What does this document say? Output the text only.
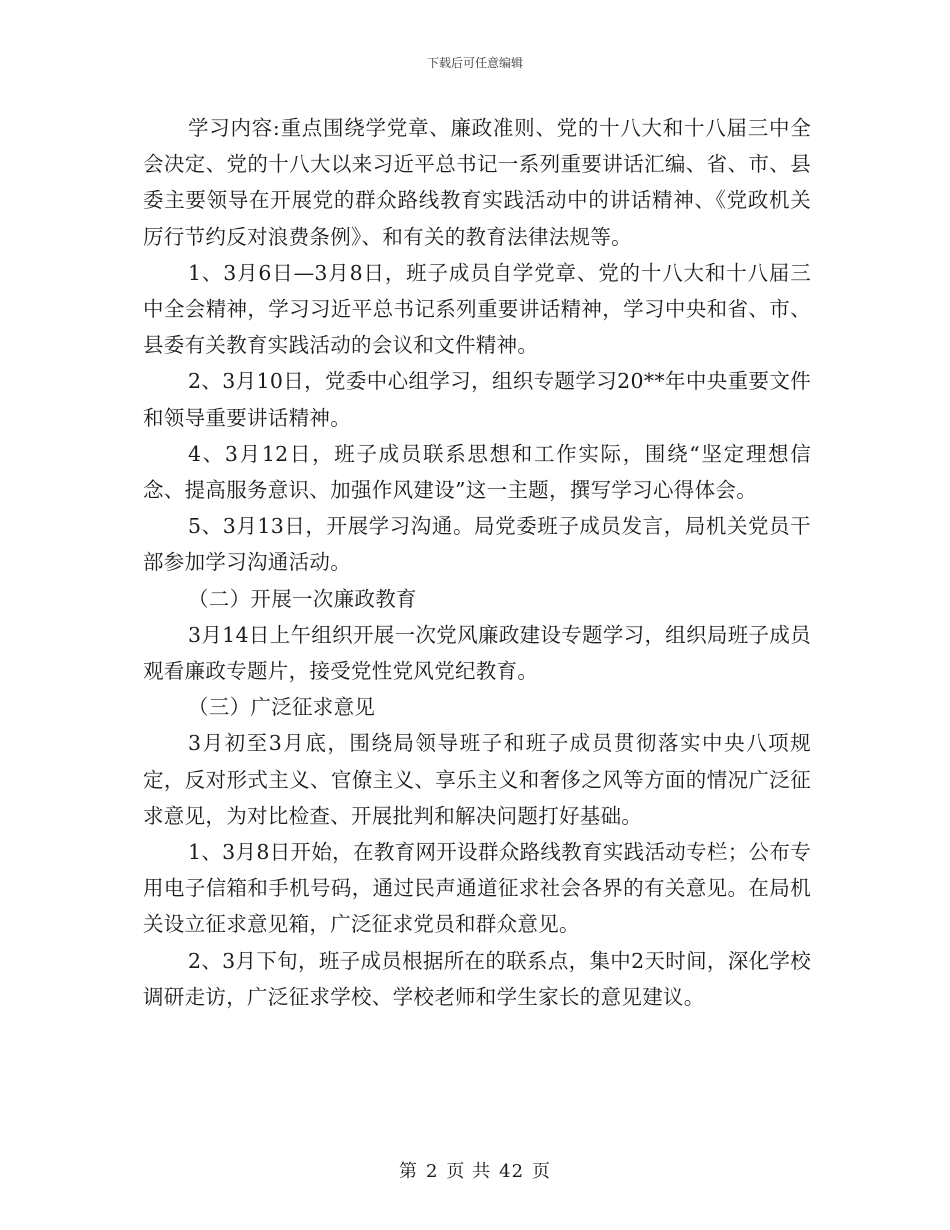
下载后可任意编辑

学习内容:重点围绕学党章、廉政准则、党的十八大和十八届三中全会决定、党的十八大以来习近平总书记一系列重要讲话汇编、省、市、县委主要领导在开展党的群众路线教育实践活动中的讲话精神、《党政机关厉行节约反对浪费条例》、和有关的教育法律法规等。

1、3月6日—3月8日，班子成员自学党章、党的十八大和十八届三中全会精神，学习习近平总书记系列重要讲话精神，学习中央和省、市、县委有关教育实践活动的会议和文件精神。

2、3月10日，党委中心组学习，组织专题学习20**年中央重要文件和领导重要讲话精神。

4、3月12日，班子成员联系思想和工作实际，围绕“坚定理想信念、提高服务意识、加强作风建设”这一主题，撰写学习心得体会。

5、3月13日，开展学习沟通。局党委班子成员发言，局机关党员干部参加学习沟通活动。

（二）开展一次廉政教育

3月14日上午组织开展一次党风廉政建设专题学习，组织局班子成员观看廉政专题片，接受党性党风党纪教育。

（三）广泛征求意见

3月初至3月底，围绕局领导班子和班子成员贯彻落实中央八项规定，反对形式主义、官僚主义、享乐主义和奢侈之风等方面的情况广泛征求意见，为对比检查、开展批判和解决问题打好基础。

1、3月8日开始，在教育网开设群众路线教育实践活动专栏；公布专用电子信箱和手机号码，通过民声通道征求社会各界的有关意见。在局机关设立征求意见箱，广泛征求党员和群众意见。

2、3月下旬，班子成员根据所在的联系点，集中2天时间，深化学校调研走访，广泛征求学校、学校老师和学生家长的意见建议。

第 2 页 共 42 页
